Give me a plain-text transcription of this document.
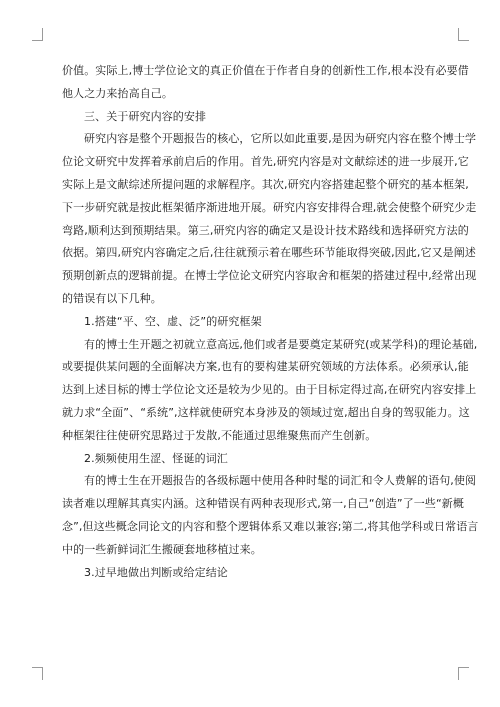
价值。实际上,博士学位论文的真正价值在于作者自身的创新性工作,根本没有必要借
他人之力来抬高自己。
三、关于研究内容的安排
研究内容是整个开题报告的核心，它所以如此重要,是因为研究内容在整个博士学
位论文研究中发挥着承前启后的作用。首先,研究内容是对文献综述的进一步展开,它
实际上是文献综述所提问题的求解程序。其次,研究内容搭建起整个研究的基本框架,
下一步研究就是按此框架循序渐进地开展。研究内容安排得合理,就会使整个研究少走
弯路,顺利达到预期结果。第三,研究内容的确定又是设计技术路线和选择研究方法的
依据。第四,研究内容确定之后,往往就预示着在哪些环节能取得突破,因此,它又是阐述
预期创新点的逻辑前提。在博士学位论文研究内容取舍和框架的搭建过程中,经常出现
的错误有以下几种。
1.搭建“平、空、虚、泛”的研究框架
有的博士生开题之初就立意高远,他们或者是要奠定某研究(或某学科)的理论基础,
或要提供某问题的全面解决方案,也有的要构建某研究领域的方法体系。必须承认,能
达到上述目标的博士学位论文还是较为少见的。由于目标定得过高,在研究内容安排上
就力求“全面”、“系统”,这样就使研究本身涉及的领域过宽,超出自身的驾驭能力。这
种框架往往使研究思路过于发散,不能通过思维聚焦而产生创新。
2.频频使用生涩、怪诞的词汇
有的博士生在开题报告的各级标题中使用各种时髦的词汇和令人费解的语句,使阅
读者难以理解其真实内涵。这种错误有两种表现形式,第一,自己“创造”了一些“新概
念”,但这些概念同论文的内容和整个逻辑体系又难以兼容;第二,将其他学科或日常语言
中的一些新鲜词汇生搬硬套地移植过来。
3.过早地做出判断或给定结论
